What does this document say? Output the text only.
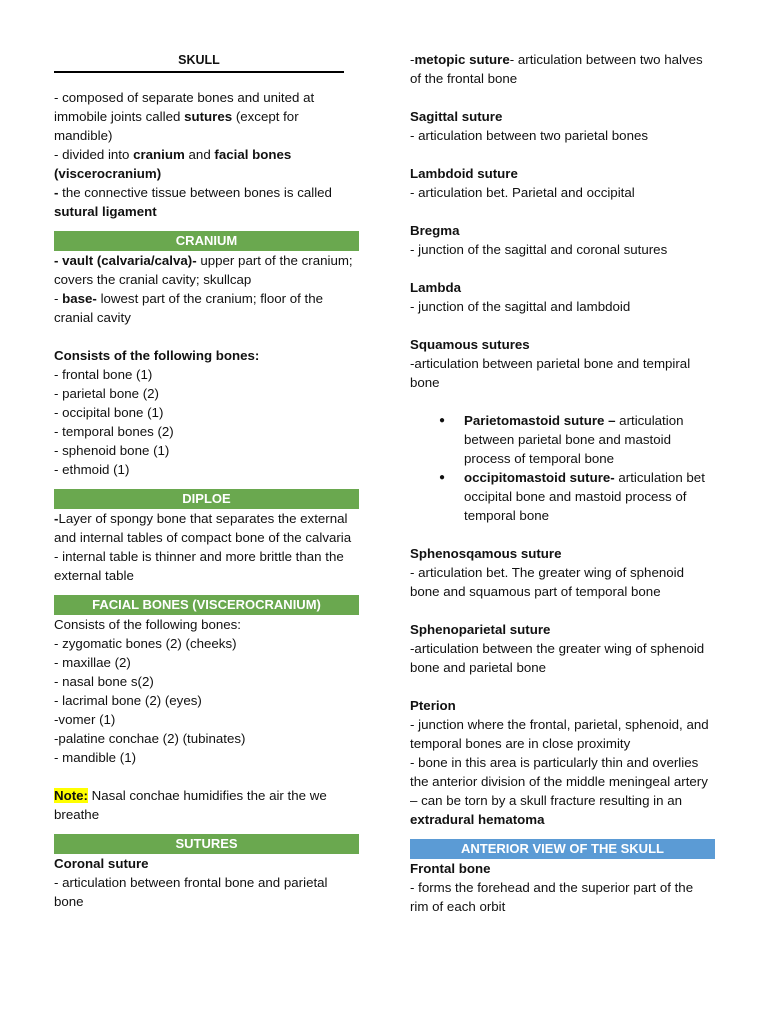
SKULL

- composed of separate bones and united at immobile joints called sutures (except for mandible)

- divided into cranium and facial bones (viscerocranium)

- the connective tissue between bones is called sutural ligament

CRANIUM

- vault (calvaria/calva)- upper part of the cranium; covers the cranial cavity; skullcap

- base- lowest part of the cranium; floor of the cranial cavity

Consists of the following bones:

- frontal bone (1)

- parietal bone (2)

- occipital bone (1)

- temporal bones (2)

- sphenoid bone (1)

- ethmoid (1)

DIPLOE

-Layer of spongy bone that separates the external and internal tables of compact bone of the calvaria

- internal table is thinner and more brittle than the external table

FACIAL BONES (VISCEROCRANIUM)

Consists of the following bones:

- zygomatic bones (2) (cheeks)

- maxillae (2)

- nasal bone s(2)

- lacrimal bone (2) (eyes)

-vomer (1)

-palatine conchae (2) (tubinates)

- mandible (1)

Note: Nasal conchae humidifies the air the we breathe

SUTURES

Coronal suture

- articulation between frontal bone and parietal bone

-metopic suture- articulation between two halves of the frontal bone

Sagittal suture

- articulation between two parietal bones

Lambdoid suture

- articulation bet. Parietal and occipital

Bregma

- junction of the sagittal and coronal sutures

Lambda

- junction of the sagittal and lambdoid

Squamous sutures

-articulation between parietal bone and tempiral bone

● Parietomastoid suture – articulation between parietal bone and mastoid process of temporal bone
● occipitomastoid suture- articulation bet occipital bone and mastoid process of temporal bone

Sphenosqamous suture

- articulation bet. The greater wing of sphenoid bone and squamous part of temporal bone

Sphenoparietal suture

-articulation between the greater wing of sphenoid bone and parietal bone

Pterion

- junction where the frontal, parietal, sphenoid, and temporal bones are in close proximity

- bone in this area is particularly thin and overlies the anterior division of the middle meningeal artery – can be torn by a skull fracture resulting in an extradural hematoma

ANTERIOR VIEW OF THE SKULL

Frontal bone

- forms the forehead and the superior part of the rim of each orbit
